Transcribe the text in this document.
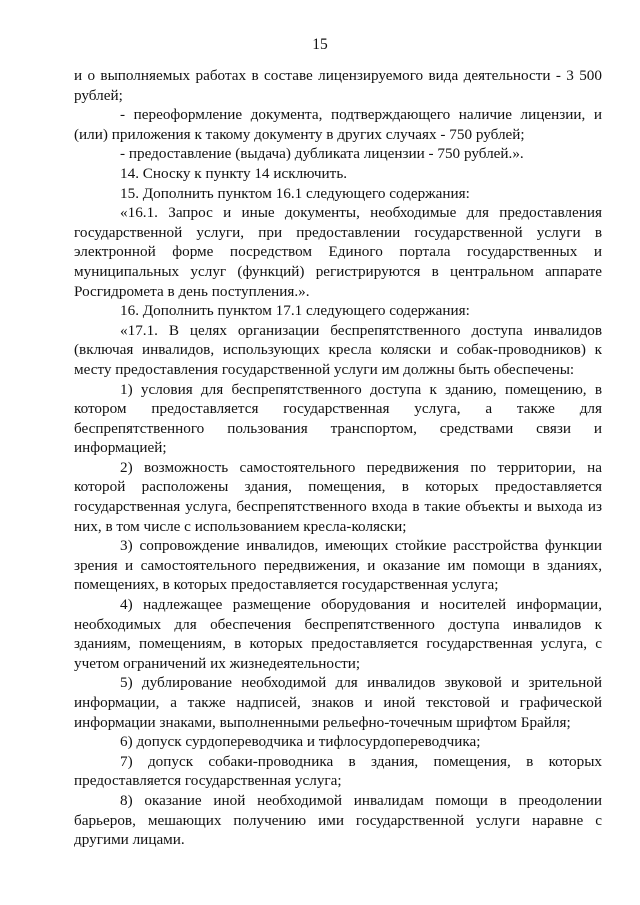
15

и о выполняемых работах в составе лицензируемого вида деятельности - 3 500 рублей;

- переоформление документа, подтверждающего наличие лицензии, и (или) приложения к такому документу в других случаях - 750 рублей;

- предоставление (выдача) дубликата лицензии - 750 рублей.».

14. Сноску к пункту 14 исключить.

15. Дополнить пунктом 16.1 следующего содержания:

«16.1. Запрос и иные документы, необходимые для предоставления государственной услуги, при предоставлении государственной услуги в электронной форме посредством Единого портала государственных и муниципальных услуг (функций) регистрируются в центральном аппарате Росгидромета в день поступления.».

16. Дополнить пунктом 17.1 следующего содержания:

«17.1. В целях организации беспрепятственного доступа инвалидов (включая инвалидов, использующих кресла коляски и собак-проводников) к месту предоставления государственной услуги им должны быть обеспечены:

1) условия для беспрепятственного доступа к зданию, помещению, в котором предоставляется государственная услуга, а также для беспрепятственного пользования транспортом, средствами связи и информацией;

2) возможность самостоятельного передвижения по территории, на которой расположены здания, помещения, в которых предоставляется государственная услуга, беспрепятственного входа в такие объекты и выхода из них, в том числе с использованием кресла-коляски;

3) сопровождение инвалидов, имеющих стойкие расстройства функции зрения и самостоятельного передвижения, и оказание им помощи в зданиях, помещениях, в которых предоставляется государственная услуга;

4) надлежащее размещение оборудования и носителей информации, необходимых для обеспечения беспрепятственного доступа инвалидов к зданиям, помещениям, в которых предоставляется государственная услуга, с учетом ограничений их жизнедеятельности;

5) дублирование необходимой для инвалидов звуковой и зрительной информации, а также надписей, знаков и иной текстовой и графической информации знаками, выполненными рельефно-точечным шрифтом Брайля;

6) допуск сурдопереводчика и тифлосурдопереводчика;

7) допуск собаки-проводника в здания, помещения, в которых предоставляется государственная услуга;

8) оказание иной необходимой инвалидам помощи в преодолении барьеров, мешающих получению ими государственной услуги наравне с другими лицами.
